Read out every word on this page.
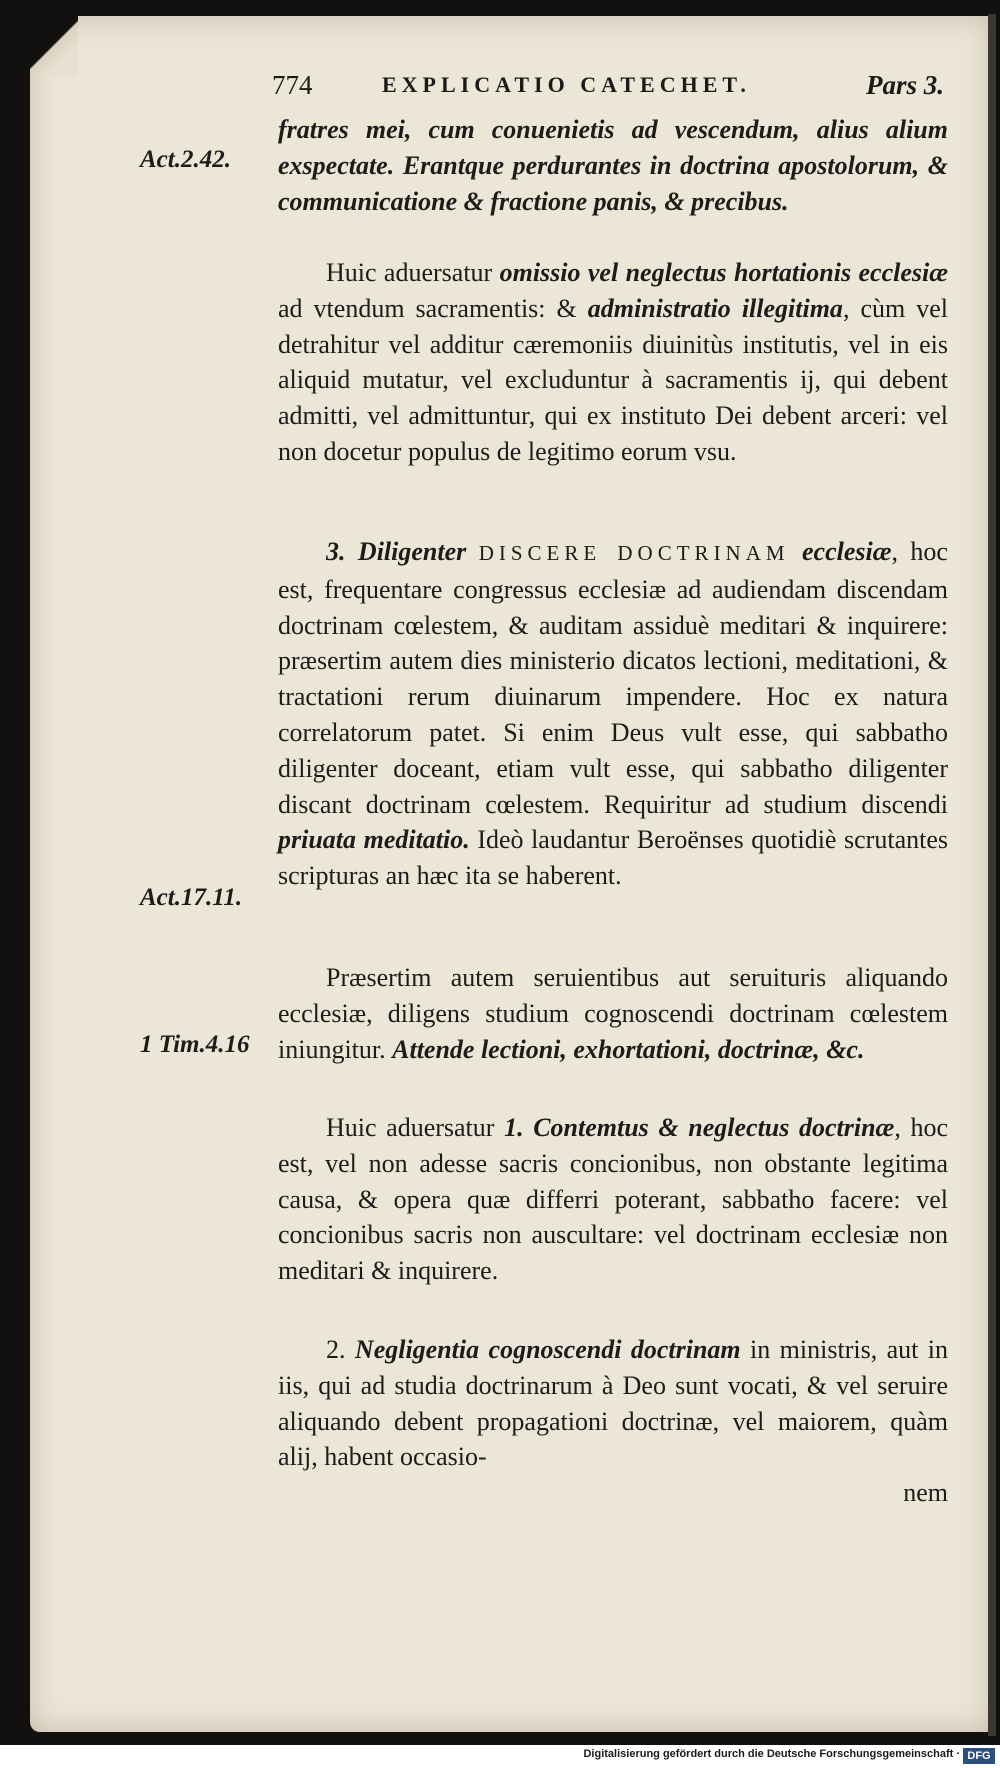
774	EXPLICATIO CATECHET.	Pars 3.
Act.2.42.
Act.17.11.
1 Tim.4.16

fratres mei, cum conuenietis ad vescendum, alius alium exspectate. Erantque perdurantes in doctrina apostolorum, & communicatione & fractione panis, & precibus.

Huic aduersatur omissio vel neglectus hortationis ecclesiæ ad vtendum sacramentis: & administratio illegitima, cùm vel detrahitur vel additur cæremoniis diuinitùs institutis, vel in eis aliquid mutatur, vel excluduntur à sacramentis ij, qui debent admitti, vel admittuntur, qui ex instituto Dei debent arceri: vel non docetur populus de legitimo eorum vsu.

3. Diligenter DISCERE DOCTRINAM ecclesiæ, hoc est, frequentare congressus ecclesiæ ad audiendam discendam doctrinam cœlestem, & auditam assiduè meditari & inquirere: præsertim autem dies ministerio dicatos lectioni, meditationi, & tractationi rerum diuinarum impendere. Hoc ex natura correlatorum patet. Si enim Deus vult esse, qui sabbatho diligenter doceant, etiam vult esse, qui sabbatho diligenter discant doctrinam cœlestem. Requiritur ad studium discendi priuata meditatio. Ideò laudantur Beroënses quotidiè scrutantes scripturas an hæc ita se haberent.

Præsertim autem seruientibus aut seruituris aliquando ecclesiæ, diligens studium cognoscendi doctrinam cœlestem iniungitur. Attende lectioni, exhortationi, doctrinæ, &c.

Huic aduersatur 1. Contemtus & neglectus doctrinæ, hoc est, vel non adesse sacris concionibus, non obstante legitima causa, & opera quæ differri poterant, sabbatho facere: vel concionibus sacris non auscultare: vel doctrinam ecclesiæ non meditari & inquirere.

2. Negligentia cognoscendi doctrinam in ministris, aut in iis, qui ad studia doctrinarum à Deo sunt vocati, & vel seruire aliquando debent propagationi doctrinæ, vel maiorem, quàm alij, habent occasio-

nem

Digitalisierung gefördert durch die Deutsche Forschungsgemeinschaft · DFG
